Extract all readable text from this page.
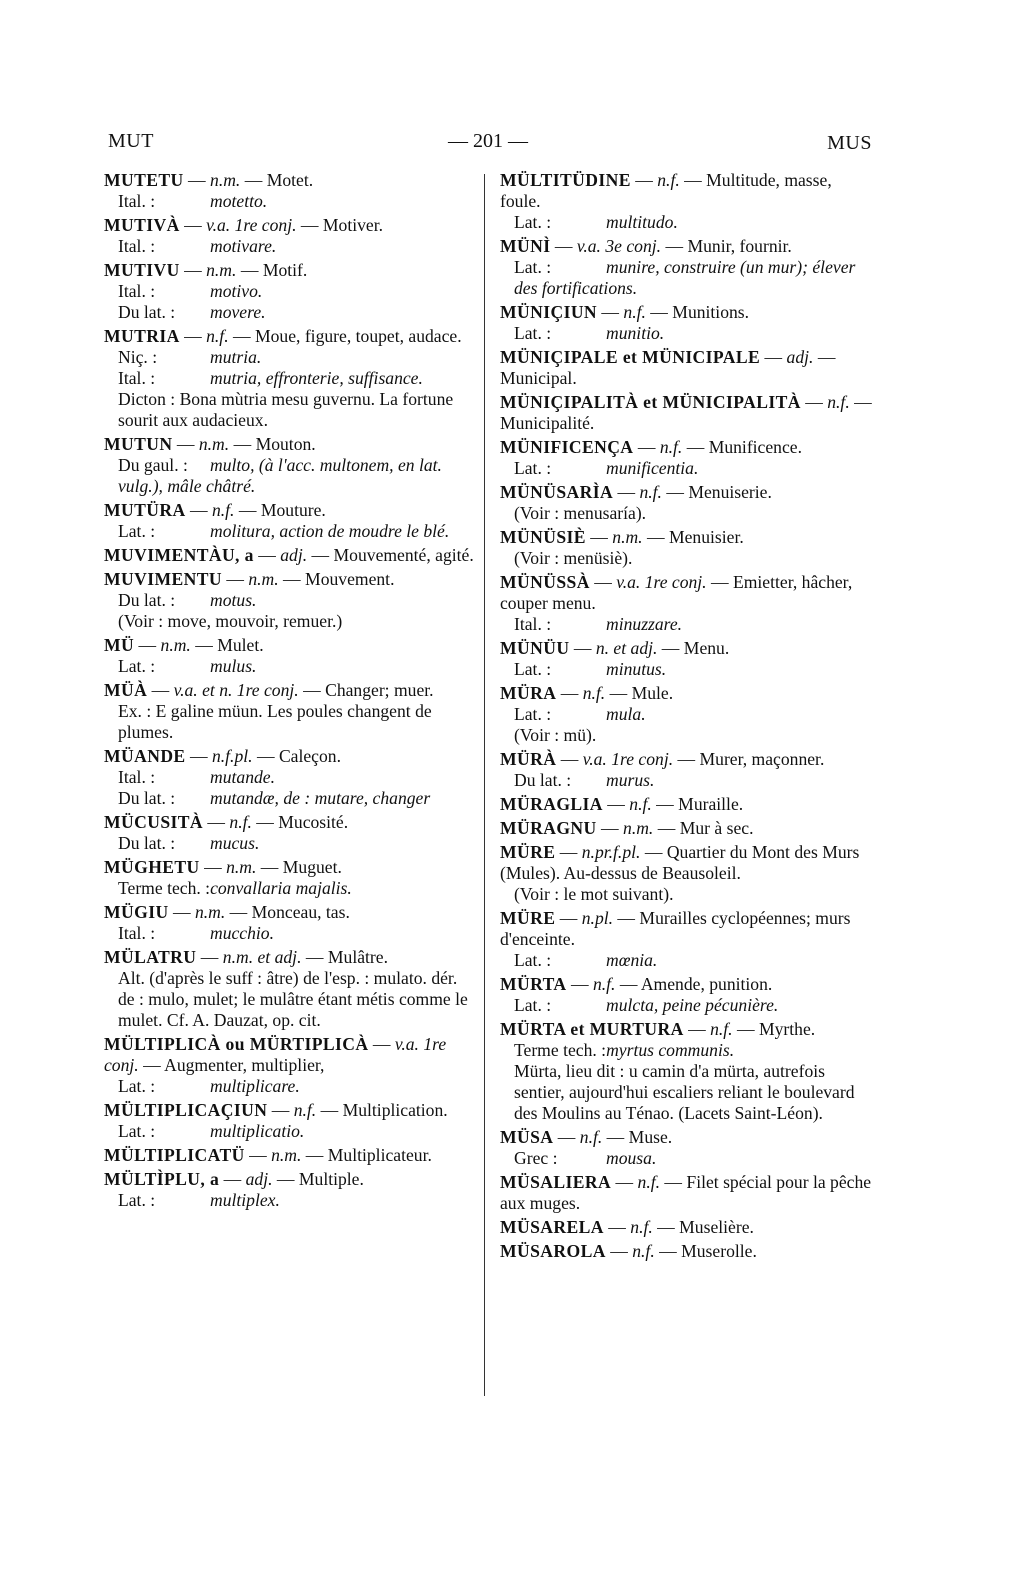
MUT	— 201 —	MUS
MUTETU — n.m. — Motet.
Ital. :	motetto.
MUTIVÀ — v.a. 1re conj. — Motiver.
Ital. :	motivare.
MUTIVU — n.m. — Motif.
Ital. :	motivo.
Du lat. : movere.
MUTRIA — n.f. — Moue, figure, toupet, audace.
Niç. :	mutria.
Ital. :	mutria, effronterie, suffisance.
Dicton : Bona mùtria mesu guvernu. La fortune sourit aux audacieux.
MUTUN — n.m. — Mouton.
Du gaul. : multo, (à l'acc. multonem, en lat. vulg.), mâle châtré.
MUTÜRA — n.f. — Mouture.
Lat. :	molitura, action de moudre le blé.
MUVIMENTÀU, a — adj. — Mouvementé, agité.
MUVIMENTU — n.m. — Mouvement.
Du lat. : motus.
(Voir : move, mouvoir, remuer.)
MÜ — n.m. — Mulet.
Lat. :	mulus.
MÜÀ — v.a. et n. 1re conj. — Changer; muer.
Ex. : E galine müun. Les poules changent de plumes.
MÜANDE — n.f.pl. — Caleçon.
Ital. :	mutande.
Du lat. : mutandæ, de : mutare, changer
MÜCUSITÀ — n.f. — Mucosité.
Du lat. : mucus.
MÜGHETU — n.m. — Muguet.
Terme tech. :convallaria majalis.
MÜGIU — n.m. — Monceau, tas.
Ital. :	mucchio.
MÜLATRU — n.m. et adj. — Mulâtre.
Alt. (d'après le suff : âtre) de l'esp. : mulato. dér. de : mulo, mulet; le mulâtre étant métis comme le mulet. Cf. A. Dauzat, op. cit.
MÜLTIPLICÀ ou MÜRTIPLICÀ — v.a. 1re conj. — Augmenter, multiplier,
Lat. :	multiplicare.
MÜLTIPLICAÇIUN — n.f. — Multiplication.
Lat. :	multiplicatio.
MÜLTIPLICATÜ — n.m. — Multiplicateur.
MÜLTÌPLU, a — adj. — Multiple.
Lat. :	multiplex.
MÜLTITÜDINE — n.f. — Multitude, masse, foule.
Lat. :	multitudo.
MÜNÌ — v.a. 3e conj. — Munir, fournir.
Lat. :	munire, construire (un mur); élever des fortifications.
MÜNIÇIUN — n.f. — Munitions.
Lat. :	munitio.
MÜNIÇIPALE et MÜNICIPALE — adj. — Municipal.
MÜNIÇIPALITÀ et MÜNICIPALITÀ — n.f. — Municipalité.
MÜNIFICENÇA — n.f. — Munificence.
Lat. :	munificentia.
MÜNÜSARÌA — n.f. — Menuiserie.
(Voir : menusaría).
MÜNÜSIÈ — n.m. — Menuisier.
(Voir : menüsiè).
MÜNÜSSÀ — v.a. 1re conj. — Emietter, hâcher, couper menu.
Ital. :	minuzzare.
MÜNÜU — n. et adj. — Menu.
Lat. :	minutus.
MÜRA — n.f. — Mule.
Lat. :	mula.
(Voir : mü).
MÜRÀ — v.a. 1re conj. — Murer, maçonner.
Du lat. : murus.
MÜRAGLIA — n.f. — Muraille.
MÜRAGNU — n.m. — Mur à sec.
MÜRE — n.pr.f.pl. — Quartier du Mont des Murs (Mules). Au-dessus de Beausoleil.
(Voir : le mot suivant).
MÜRE — n.pl. — Murailles cyclopéennes; murs d'enceinte.
Lat. :	mœnia.
MÜRTA — n.f. — Amende, punition.
Lat. :	mulcta, peine pécunière.
MÜRTA et MURTURA — n.f. — Myrthe.
Terme tech. :myrtus communis.
Mürta, lieu dit : u camin d'a mürta, autrefois sentier, aujourd'hui escaliers reliant le boulevard des Moulins au Ténao. (Lacets Saint-Léon).
MÜSA — n.f. — Muse.
Grec :	mousa.
MÜSALIERA — n.f. — Filet spécial pour la pêche aux muges.
MÜSARELA — n.f. — Muselière.
MÜSAROLA — n.f. — Muserolle.
